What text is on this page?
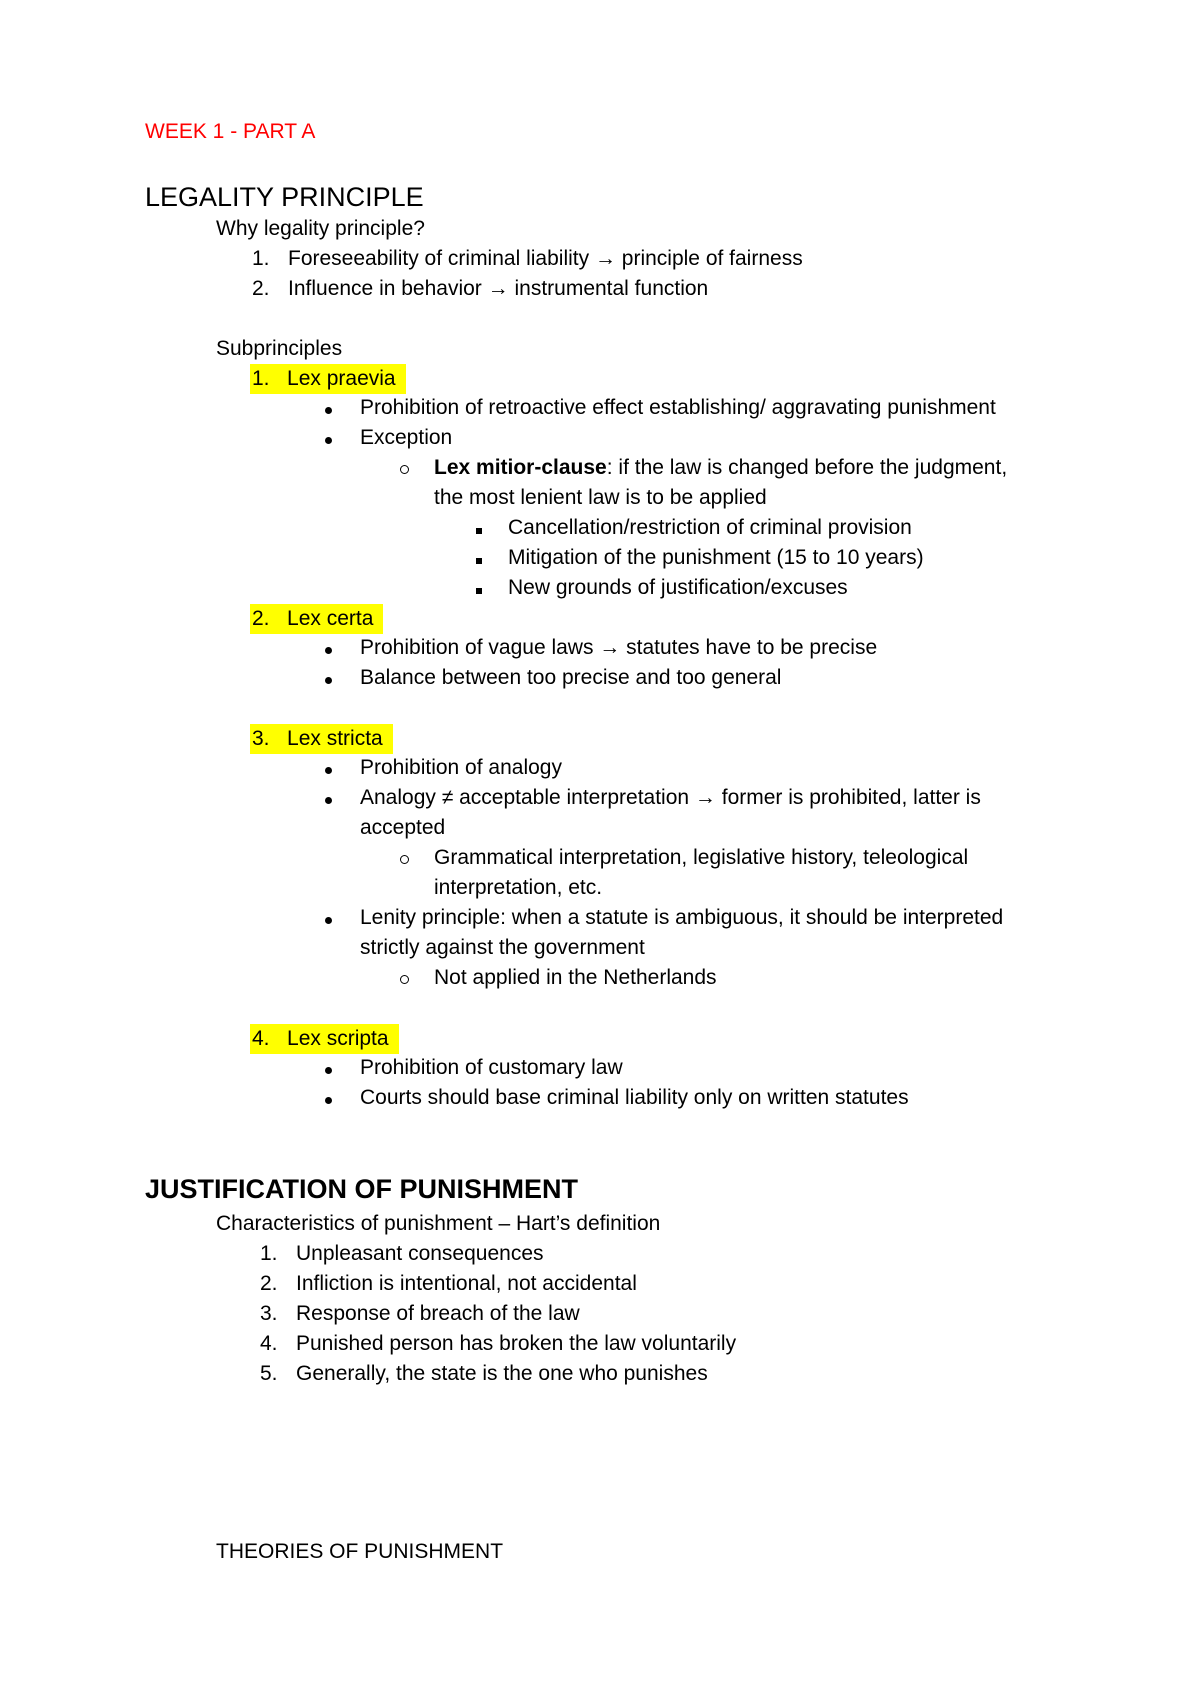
WEEK 1 - PART A
LEGALITY PRINCIPLE
Why legality principle?
1. Foreseeability of criminal liability → principle of fairness
2. Influence in behavior → instrumental function
Subprinciples
1.   Lex praevia
Prohibition of retroactive effect establishing/ aggravating punishment
Exception
Lex mitior-clause: if the law is changed before the judgment,
the most lenient law is to be applied
Cancellation/restriction of criminal provision
Mitigation of the punishment (15 to 10 years)
New grounds of justification/excuses
2.   Lex certa
Prohibition of vague laws → statutes have to be precise
Balance between too precise and too general
3.   Lex stricta
Prohibition of analogy
Analogy ≠ acceptable interpretation → former is prohibited, latter is
accepted
Grammatical interpretation, legislative history, teleological
interpretation, etc.
Lenity principle: when a statute is ambiguous, it should be interpreted
strictly against the government
Not applied in the Netherlands
4.   Lex scripta
Prohibition of customary law
Courts should base criminal liability only on written statutes
JUSTIFICATION OF PUNISHMENT
Characteristics of punishment – Hart’s definition
1. Unpleasant consequences
2. Infliction is intentional, not accidental
3. Response of breach of the law
4. Punished person has broken the law voluntarily
5. Generally, the state is the one who punishes
THEORIES OF PUNISHMENT
